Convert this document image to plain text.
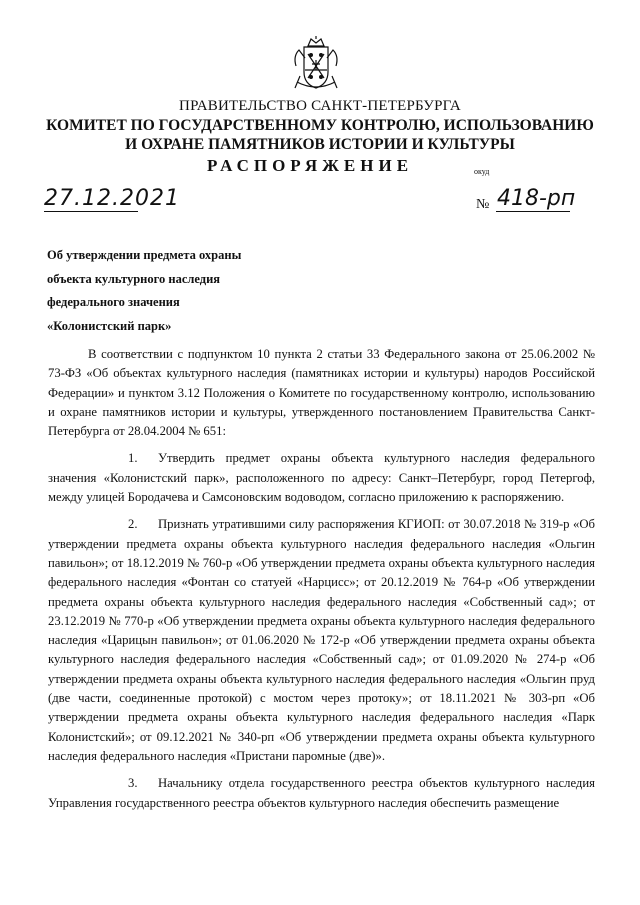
ПРАВИТЕЛЬСТВО САНКТ-ПЕТЕРБУРГА
КОМИТЕТ ПО ГОСУДАРСТВЕННОМУ КОНТРОЛЮ, ИСПОЛЬЗОВАНИЮ
И ОХРАНЕ ПАМЯТНИКОВ ИСТОРИИ И КУЛЬТУРЫ
РАСПОРЯЖЕНИЕ	окуд
27.12.2021	№ 418-рп
Об утверждении предмета охраны
объекта культурного наследия
федерального значения
«Колонистский парк»

В соответствии с подпунктом 10 пункта 2 статьи 33 Федерального закона от 25.06.2002 № 73-ФЗ «Об объектах культурного наследия (памятниках истории и культуры) народов Российской Федерации» и пунктом 3.12 Положения о Комитете по государственному контролю, использованию и охране памятников истории и культуры, утвержденного постановлением Правительства Санкт-Петербурга от 28.04.2004 № 651:

1. Утвердить предмет охраны объекта культурного наследия федерального значения «Колонистский парк», расположенного по адресу: Санкт–Петербург, город Петергоф, между улицей Бородачева и Самсоновским водоводом, согласно приложению к распоряжению.

2. Признать утратившими силу распоряжения КГИОП: от 30.07.2018 № 319-р «Об утверждении предмета охраны объекта культурного наследия федерального наследия «Ольгин павильон»; от 18.12.2019 № 760-р «Об утверждении предмета охраны объекта культурного наследия федерального наследия «Фонтан со статуей «Нарцисс»; от 20.12.2019 № 764-р «Об утверждении предмета охраны объекта культурного наследия федерального наследия «Собственный сад»; от 23.12.2019 № 770-р «Об утверждении предмета охраны объекта культурного наследия федерального наследия «Царицын павильон»; от 01.06.2020 № 172-р «Об утверждении предмета охраны объекта культурного наследия федерального наследия «Собственный сад»; от 01.09.2020 № 274-р «Об утверждении предмета охраны объекта культурного наследия федерального наследия «Ольгин пруд (две части, соединенные протокой) с мостом через протоку»; от 18.11.2021 № 303-рп «Об утверждении предмета охраны объекта культурного наследия федерального наследия «Парк Колонистский»; от 09.12.2021 № 340-рп «Об утверждении предмета охраны объекта культурного наследия федерального наследия «Пристани паромные (две)».

3. Начальнику отдела государственного реестра объектов культурного наследия Управления государственного реестра объектов культурного наследия обеспечить размещение
